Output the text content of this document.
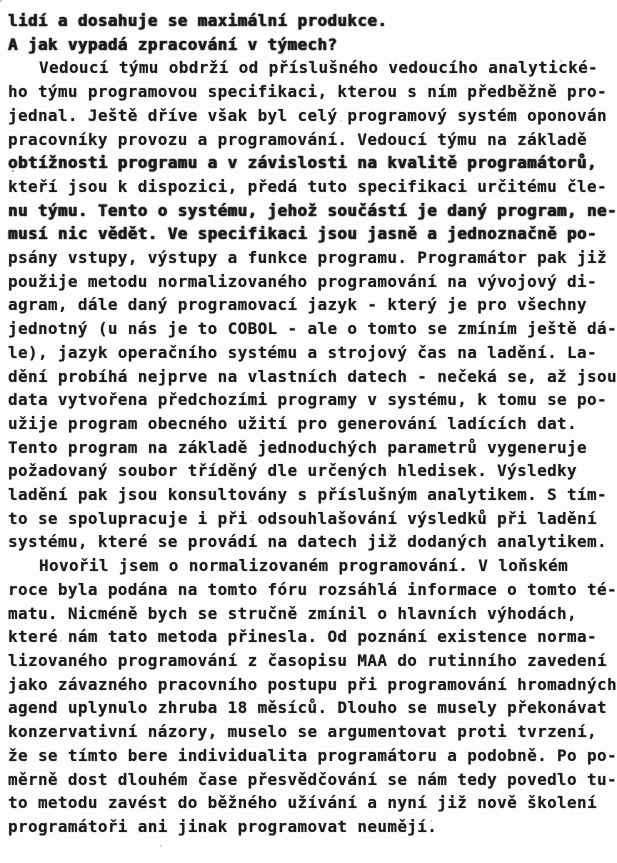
lidí a dosahuje se maximální produkce.
A jak vypadá zpracování v týmech?
Vedoucí týmu obdrží od příslušného vedoucího analytické-
ho týmu programovou specifikaci, kterou s ním předběžně pro-
jednal. Ještě dříve však byl celý programový systém oponován
pracovníky provozu a programování. Vedoucí týmu na základě
obtížnosti programu a v závislosti na kvalitě programátorů,
kteří jsou k dispozici, předá tuto specifikaci určitému čle-
nu týmu. Tento o systému, jehož součástí je daný program, ne-
musí nic vědět. Ve specifikaci jsou jasně a jednoznačně po-
psány vstupy, výstupy a funkce programu. Programátor pak již
použije metodu normalizovaného programování na vývojový di-
agram, dále daný programovací jazyk - který je pro všechny
jednotný (u nás je to COBOL - ale o tomto se zmíním ještě dá-
le), jazyk operačního systému a strojový čas na ladění. La-
dění probíhá nejprve na vlastních datech - nečeká se, až jsou
data vytvořena předchozími programy v systému, k tomu se po-
užije program obecného užití pro generování ladících dat.
Tento program na základě jednoduchých parametrů vygeneruje
požadovaný soubor tříděný dle určených hledisek. Výsledky
ladění pak jsou konsultovány s příslušným analytikem. S tím-
to se spolupracuje i při odsouhlašování výsledků při ladění
systému, které se provádí na datech již dodaných analytikem.
Hovořil jsem o normalizovaném programování. V loňském
roce byla podána na tomto fóru rozsáhlá informace o tomto té-
matu. Nicméně bych se stručně zmínil o hlavních výhodách,
které nám tato metoda přinesla. Od poznání existence norma-
lizovaného programování z časopisu MAA do rutinního zavedení
jako závazného pracovního postupu při programování hromadných
agend uplynulo zhruba 18 měsíců. Dlouho se musely překonávat
konzervativní názory, muselo se argumentovat proti tvrzení,
že se tímto bere individualita programátoru a podobně. Po po-
měrně dost dlouhém čase přesvědčování se nám tedy povedlo tu-
to metodu zavést do běžného užívání a nyní již nově školení
programátoři ani jinak programovat neumějí.
